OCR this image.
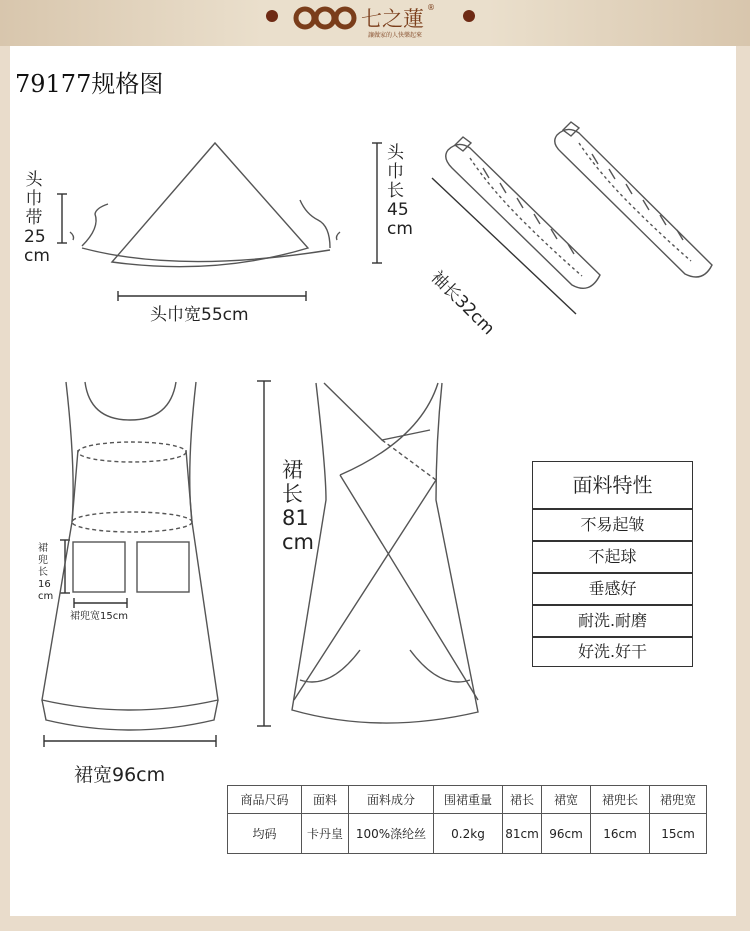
七之蓮 ®
讓做家的人快樂起來
79177规格图
头
巾
带
25
cm
头
巾
长
45
cm
头巾宽55cm	袖长32cm
裙
长
81
cm
裙
兜
长
16
cm
裙兜宽15cm
裙宽96cm
面料特性
不易起皱
不起球
垂感好
耐洗.耐磨
好洗.好干
商品尺码	面料	面料成分	围裙重量	裙长	裙宽	裙兜长	裙兜宽
均码	卡丹皇	100%涤纶丝	0.2kg	81cm	96cm	16cm	15cm
